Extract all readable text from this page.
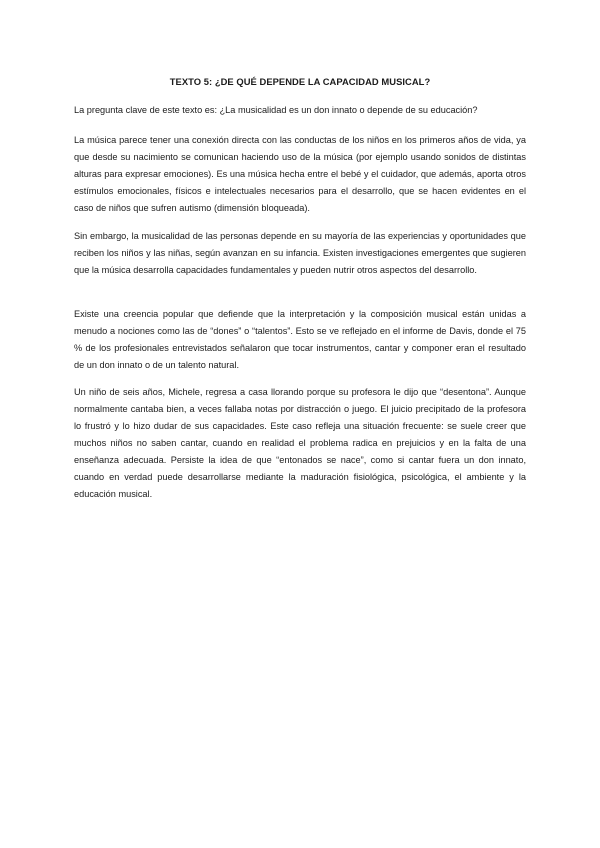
TEXTO 5: ¿DE QUÉ DEPENDE LA CAPACIDAD MUSICAL?

La pregunta clave de este texto es: ¿La musicalidad es un don innato o depende de su educación?

La música parece tener una conexión directa con las conductas de los niños en los primeros años de vida, ya que desde su nacimiento se comunican haciendo uso de la música (por ejemplo usando sonidos de distintas alturas para expresar emociones). Es una música hecha entre el bebé y el cuidador, que además, aporta otros estímulos emocionales, físicos e intelectuales necesarios para el desarrollo, que se hacen evidentes en el caso de niños que sufren autismo (dimensión bloqueada).

Sin embargo, la musicalidad de las personas depende en su mayoría de las experiencias y oportunidades que reciben los niños y las niñas, según avanzan en su infancia. Existen investigaciones emergentes que sugieren que la música desarrolla capacidades fundamentales y pueden nutrir otros aspectos del desarrollo.

Existe una creencia popular que defiende que la interpretación y la composición musical están unidas a menudo a nociones como las de “dones” o “talentos”. Esto se ve reflejado en el informe de Davis, donde el 75 % de los profesionales entrevistados señalaron que tocar instrumentos, cantar y componer eran el resultado de un don innato o de un talento natural.

Un niño de seis años, Michele, regresa a casa llorando porque su profesora le dijo que “desentona”. Aunque normalmente cantaba bien, a veces fallaba notas por distracción o juego. El juicio precipitado de la profesora lo frustró y lo hizo dudar de sus capacidades. Este caso refleja una situación frecuente: se suele creer que muchos niños no saben cantar, cuando en realidad el problema radica en prejuicios y en la falta de una enseñanza adecuada. Persiste la idea de que “entonados se nace”, como si cantar fuera un don innato, cuando en verdad puede desarrollarse mediante la maduración fisiológica, psicológica, el ambiente y la educación musical.
